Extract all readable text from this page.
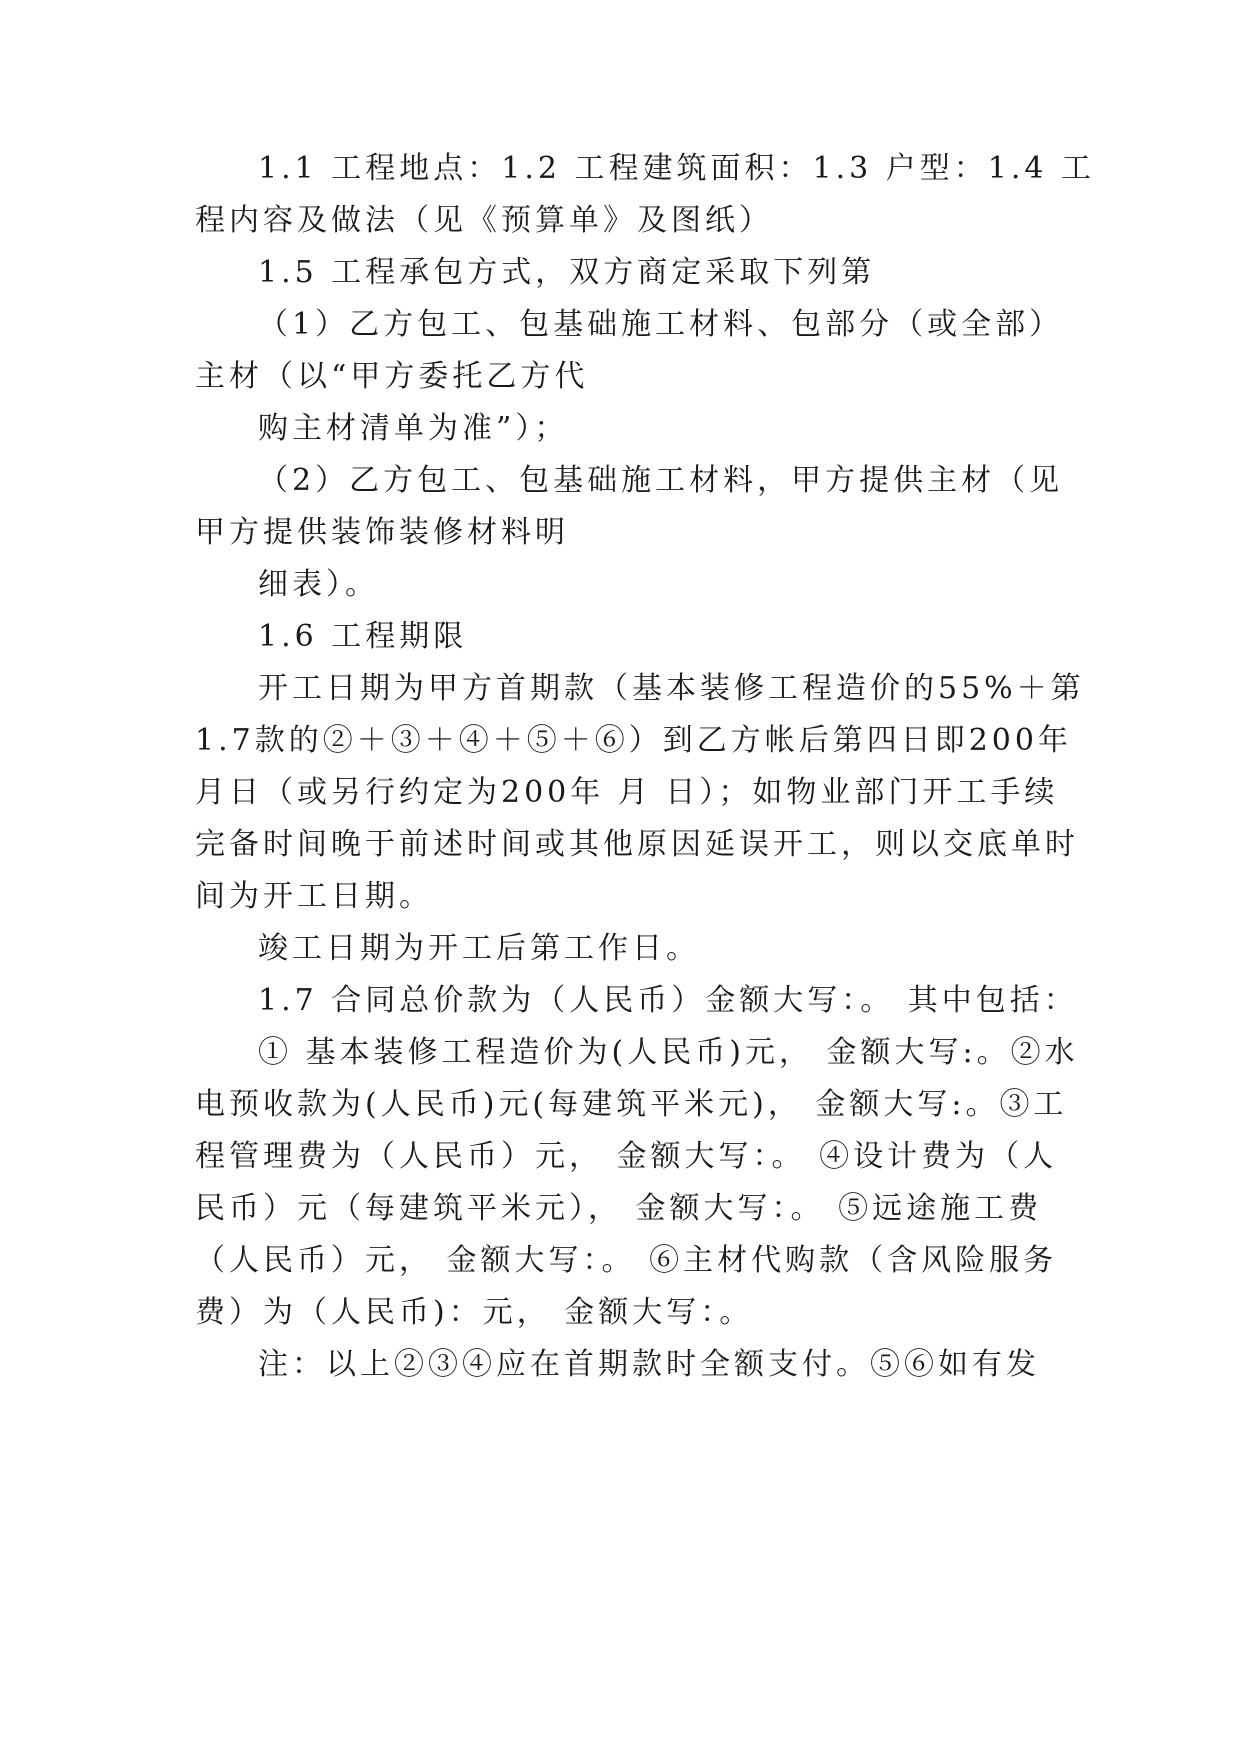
1.1 工程地点：1.2 工程建筑面积：1.3 户型：1.4 工

程内容及做法（见《预算单》及图纸）

1.5 工程承包方式，双方商定采取下列第

（1）乙方包工、包基础施工材料、包部分（或全部）

主材（以“甲方委托乙方代

购主材清单为准”）；

（2）乙方包工、包基础施工材料，甲方提供主材（见

甲方提供装饰装修材料明

细表）。

1.6 工程期限

开工日期为甲方首期款（基本装修工程造价的55%＋第

1.7款的②＋③＋④＋⑤＋⑥）到乙方帐后第四日即200年

月日（或另行约定为200年 月 日）；如物业部门开工手续

完备时间晚于前述时间或其他原因延误开工，则以交底单时

间为开工日期。

竣工日期为开工后第工作日。

1.7 合同总价款为（人民币）金额大写：。 其中包括：

① 基本装修工程造价为(人民币)元， 金额大写:。②水

电预收款为(人民币)元(每建筑平米元)， 金额大写:。③工

程管理费为（人民币）元， 金额大写：。 ④设计费为（人

民币）元（每建筑平米元）， 金额大写：。 ⑤远途施工费

（人民币）元， 金额大写：。 ⑥主材代购款（含风险服务

费）为（人民币)：元， 金额大写：。

注：以上②③④应在首期款时全额支付。⑤⑥如有发
